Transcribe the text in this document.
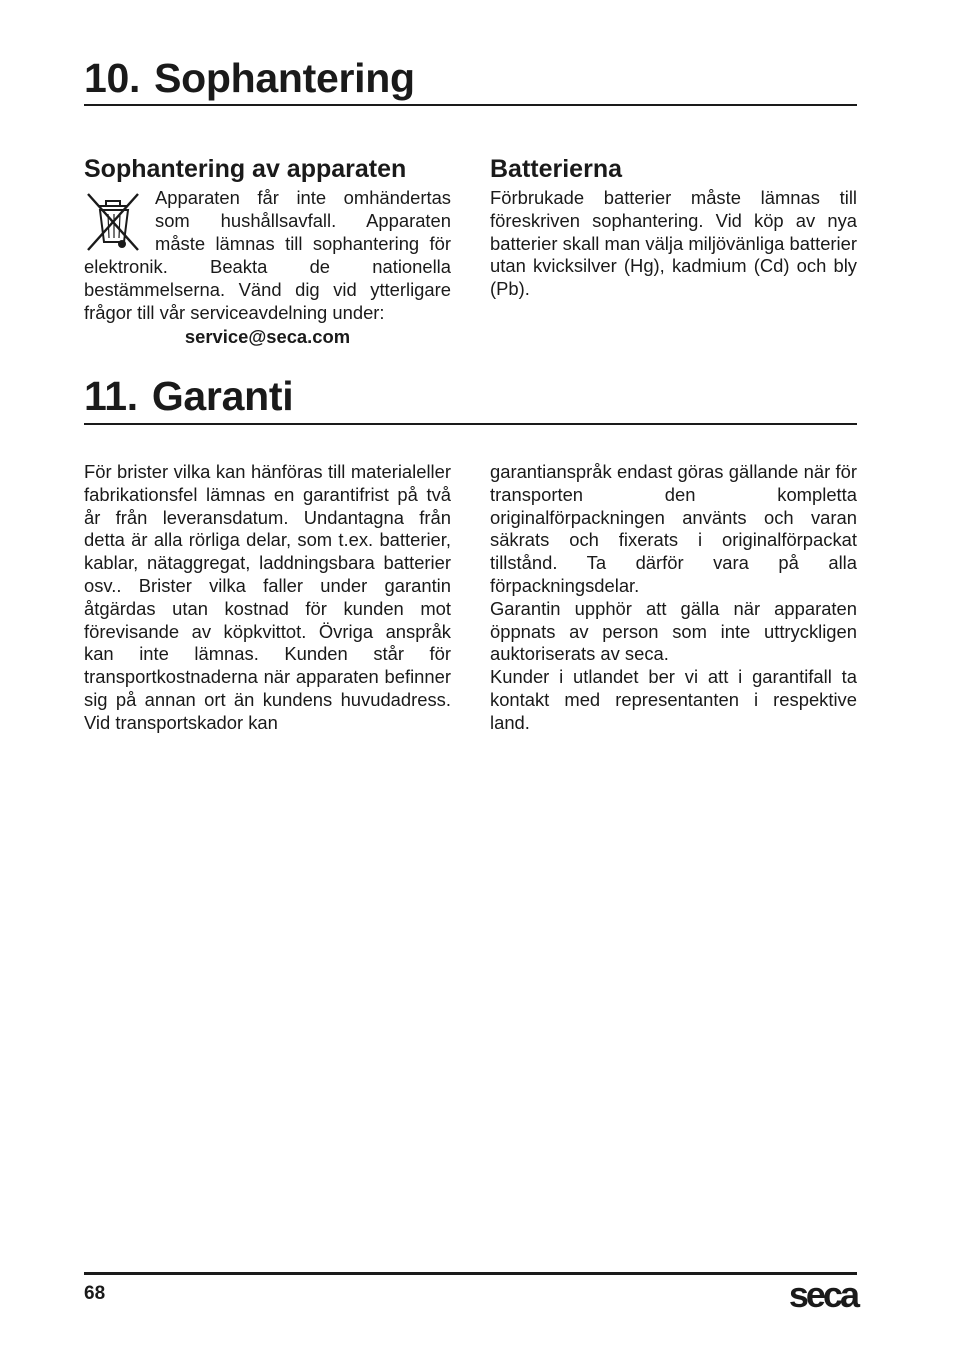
10. Sophantering
Sophantering av apparaten

Apparaten får inte omhändertas som hushållsavfall. Apparaten måste lämnas till sophantering för

elektronik. Beakta de nationella bestämmelserna. Vänd dig vid ytterligare frågor till vår serviceavdelning under:

service@seca.com
Batterierna

Förbrukade batterier måste lämnas till föreskriven sophantering. Vid köp av nya batterier skall man välja miljövänliga batterier utan kvicksilver (Hg), kadmium (Cd) och bly (Pb).

11. Garanti

För brister vilka kan hänföras till materialeller fabrikationsfel lämnas en garantifrist på två år från leveransdatum. Undantagna från detta är alla rörliga delar, som t.ex. batterier, kablar, nätaggregat, laddningsbara batterier osv.. Brister vilka faller under garantin åtgärdas utan kostnad för kunden mot förevisande av köpkvittot. Övriga anspråk kan inte lämnas. Kunden står för transportkostnaderna när apparaten befinner sig på annan ort än kundens huvudadress. Vid transportskador kan

garantianspråk endast göras gällande när för transporten den kompletta originalförpackningen använts och varan säkrats och fixerats i originalförpackat tillstånd. Ta därför vara på alla förpackningsdelar.

Garantin upphör att gälla när apparaten öppnats av person som inte uttryckligen auktoriserats av seca.

Kunder i utlandet ber vi att i garantifall ta kontakt med representanten i respektive land.

68	seca
